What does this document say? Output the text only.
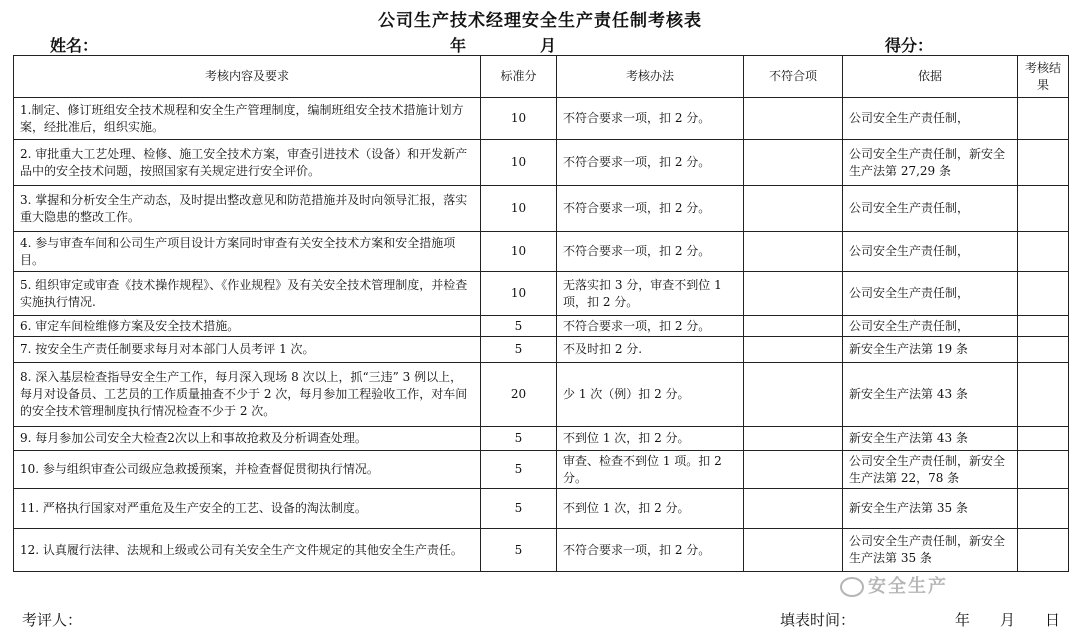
公司生产技术经理安全生产责任制考核表
姓名：	年	月	得分：
考核内容及要求	标准分	考核办法	不符合项	依据	考核结果
1.制定、修订班组安全技术规程和安全生产管理制度，编制班组安全技术措施计划方案，经批准后，组织实施。	10	不符合要求一项，扣 2 分。		公司安全生产责任制，	
2. 审批重大工艺处理、检修、施工安全技术方案，审查引进技术（设备）和开发新产品中的安全技术问题，按照国家有关规定进行安全评价。	10	不符合要求一项，扣 2 分。		公司安全生产责任制，新安全生产法第 27,29 条	
3. 掌握和分析安全生产动态，及时提出整改意见和防范措施并及时向领导汇报，落实重大隐患的整改工作。	10	不符合要求一项，扣 2 分。		公司安全生产责任制，	
4. 参与审查车间和公司生产项目设计方案同时审查有关安全技术方案和安全措施项目。	10	不符合要求一项，扣 2 分。		公司安全生产责任制，	
5. 组织审定或审查《技术操作规程》、《作业规程》及有关安全技术管理制度，并检查实施执行情况.	10	无落实扣 3 分，审查不到位 1 项，扣 2 分。		公司安全生产责任制，	
6. 审定车间检维修方案及安全技术措施。	5	不符合要求一项，扣 2 分。		公司安全生产责任制，	
7. 按安全生产责任制要求每月对本部门人员考评 1 次。	5	不及时扣 2 分.		新安全生产法第 19 条	
8. 深入基层检查指导安全生产工作，每月深入现场 8 次以上，抓“三违” 3 例以上，每月对设备员、工艺员的工作质量抽查不少于 2 次，每月参加工程验收工作，对车间的安全技术管理制度执行情况检查不少于 2 次。	20	少 1 次（例）扣 2 分。		新安全生产法第 43 条	
9. 每月参加公司安全大检查2次以上和事故抢救及分析调查处理。	5	不到位 1 次，扣 2 分。		新安全生产法第 43 条	
10. 参与组织审查公司级应急救援预案，并检查督促贯彻执行情况。	5	审查、检查不到位 1 项。扣 2 分。		公司安全生产责任制，新安全生产法第 22，78 条	
11. 严格执行国家对严重危及生产安全的工艺、设备的淘汰制度。	5	不到位 1 次，扣 2 分。		新安全生产法第 35 条	
12. 认真履行法律、法规和上级或公司有关安全生产文件规定的其他安全生产责任。	5	不符合要求一项，扣 2 分。		公司安全生产责任制，新安全生产法第 35 条	
安全生产
考评人：	填表时间：	年 月 日
